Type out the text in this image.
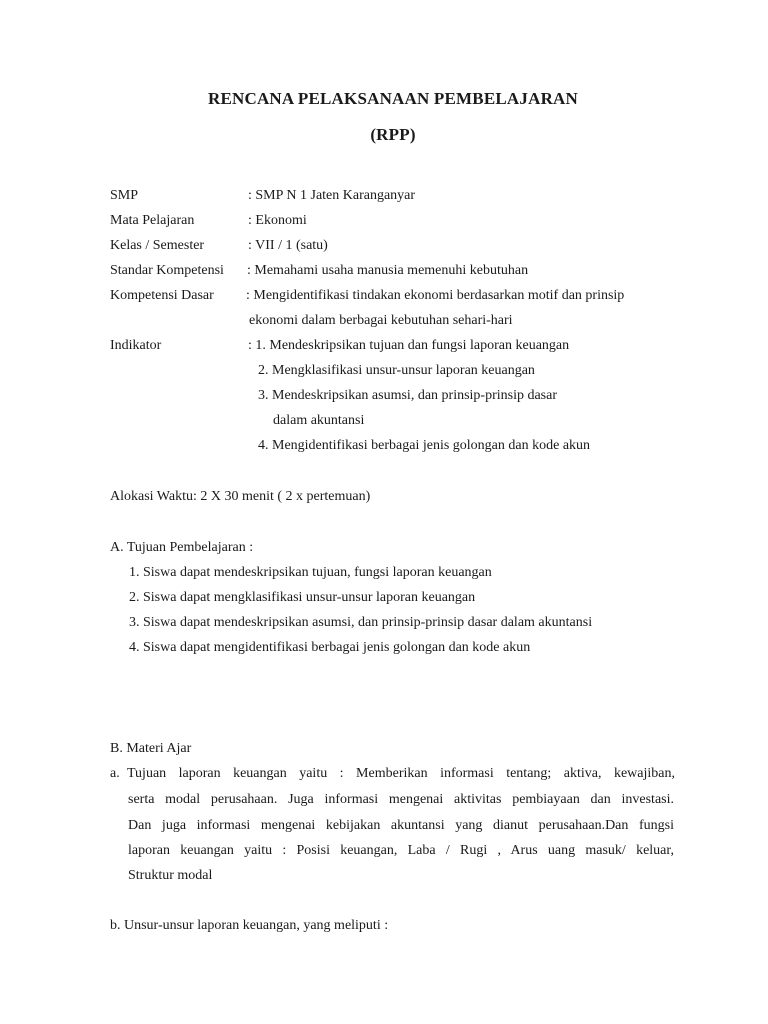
RENCANA PELAKSANAAN PEMBELAJARAN
(RPP)
SMP	: SMP N 1 Jaten Karanganyar
Mata Pelajaran	: Ekonomi
Kelas / Semester	: VII / 1 (satu)
Standar Kompetensi : Memahami usaha manusia memenuhi kebutuhan
Kompetensi Dasar : Mengidentifikasi tindakan ekonomi berdasarkan motif dan prinsip
ekonomi dalam berbagai kebutuhan sehari-hari
Indikator	: 1. Mendeskripsikan tujuan dan fungsi laporan keuangan
2. Mengklasifikasi unsur-unsur laporan keuangan
3. Mendeskripsikan asumsi, dan prinsip-prinsip dasar
dalam akuntansi
4. Mengidentifikasi berbagai jenis golongan dan kode akun
Alokasi Waktu: 2 X 30 menit ( 2 x pertemuan)
A. Tujuan Pembelajaran :
1. Siswa dapat mendeskripsikan tujuan, fungsi laporan keuangan
2. Siswa dapat mengklasifikasi unsur-unsur laporan keuangan
3. Siswa dapat mendeskripsikan asumsi, dan prinsip-prinsip dasar dalam akuntansi
4. Siswa dapat mengidentifikasi berbagai jenis golongan dan kode akun
B. Materi Ajar
a. Tujuan laporan keuangan yaitu : Memberikan informasi tentang; aktiva, kewajiban,
serta modal perusahaan. Juga informasi mengenai aktivitas pembiayaan dan investasi.
Dan juga informasi mengenai kebijakan akuntansi yang dianut perusahaan.Dan fungsi
laporan keuangan yaitu : Posisi keuangan, Laba / Rugi , Arus uang masuk/ keluar,
Struktur modal
b. Unsur-unsur laporan keuangan, yang meliputi :
